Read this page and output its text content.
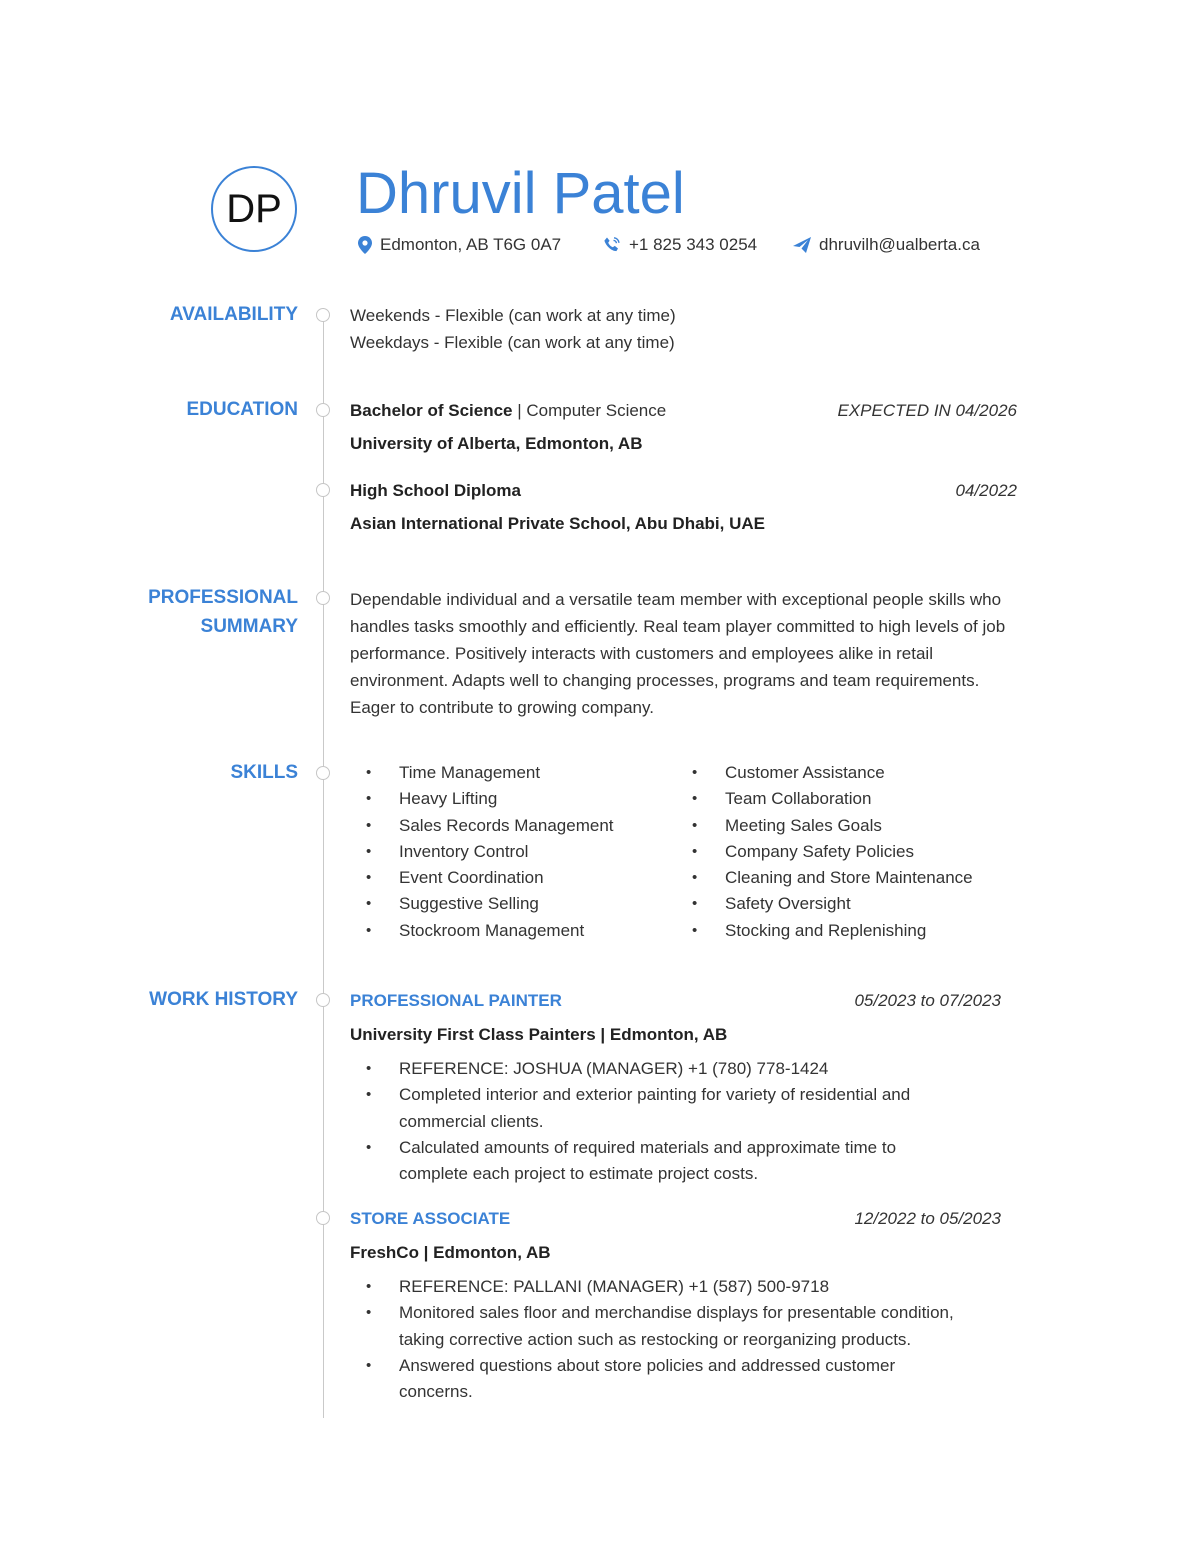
DP Dhruvil Patel
Edmonton, AB T6G 0A7	+1 825 343 0254	dhruvilh@ualberta.ca
AVAILABILITY	Weekends - Flexible (can work at any time)
Weekdays - Flexible (can work at any time)
EDUCATION	Bachelor of Science | Computer Science	EXPECTED IN 04/2026
University of Alberta, Edmonton, AB
High School Diploma	04/2022
Asian International Private School, Abu Dhabi, UAE
PROFESSIONAL
SUMMARY
Dependable individual and a versatile team member with exceptional people skills who handles tasks smoothly and efficiently. Real team player committed to high levels of job performance. Positively interacts with customers and employees alike in retail environment. Adapts well to changing processes, programs and team requirements. Eager to contribute to growing company.
SKILLS
•	Time Management
• Heavy Lifting
• Sales Records Management
• Inventory Control
• Event Coordination
• Suggestive Selling
• Stockroom Management
• Customer Assistance
• Team Collaboration
• Meeting Sales Goals
• Company Safety Policies
• Cleaning and Store Maintenance
• Safety Oversight
• Stocking and Replenishing
WORK HISTORY	PROFESSIONAL PAINTER	05/2023 to 07/2023
University First Class Painters | Edmonton, AB
• REFERENCE: JOSHUA (MANAGER) +1 (780) 778-1424
• Completed interior and exterior painting for variety of residential and
commercial clients.
• Calculated amounts of required materials and approximate time to
complete each project to estimate project costs.
STORE ASSOCIATE	12/2022 to 05/2023
FreshCo | Edmonton, AB
• REFERENCE: PALLANI (MANAGER) +1 (587) 500-9718
• Monitored sales floor and merchandise displays for presentable condition,
taking corrective action such as restocking or reorganizing products.
• Answered questions about store policies and addressed customer
concerns.
